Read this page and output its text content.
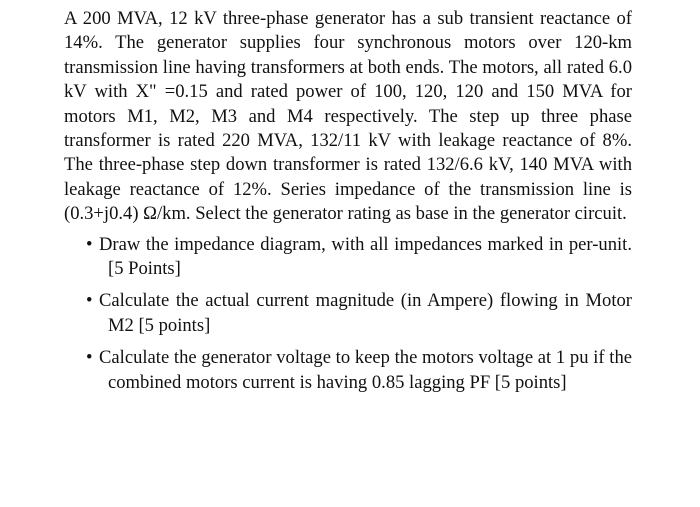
A 200 MVA, 12 kV three-phase generator has a sub transient reactance of 14%. The generator supplies four synchronous motors over 120-km transmission line having transformers at both ends. The motors, all rated 6.0 kV with X" =0.15 and rated power of 100, 120, 120 and 150 MVA for motors M1, M2, M3 and M4 respectively. The step up three phase transformer is rated 220 MVA, 132/11 kV with leakage reactance of 8%. The three-phase step down transformer is rated 132/6.6 kV, 140 MVA with leakage reactance of 12%. Series impedance of the transmission line is (0.3+j0.4) Ω/km. Select the generator rating as base in the generator circuit.

• Draw the impedance diagram, with all impedances marked in per-unit. [5 Points]
• Calculate the actual current magnitude (in Ampere) flowing in Motor M2 [5 points]
• Calculate the generator voltage to keep the motors voltage at 1 pu if the combined motors current is having 0.85 lagging PF [5 points]
